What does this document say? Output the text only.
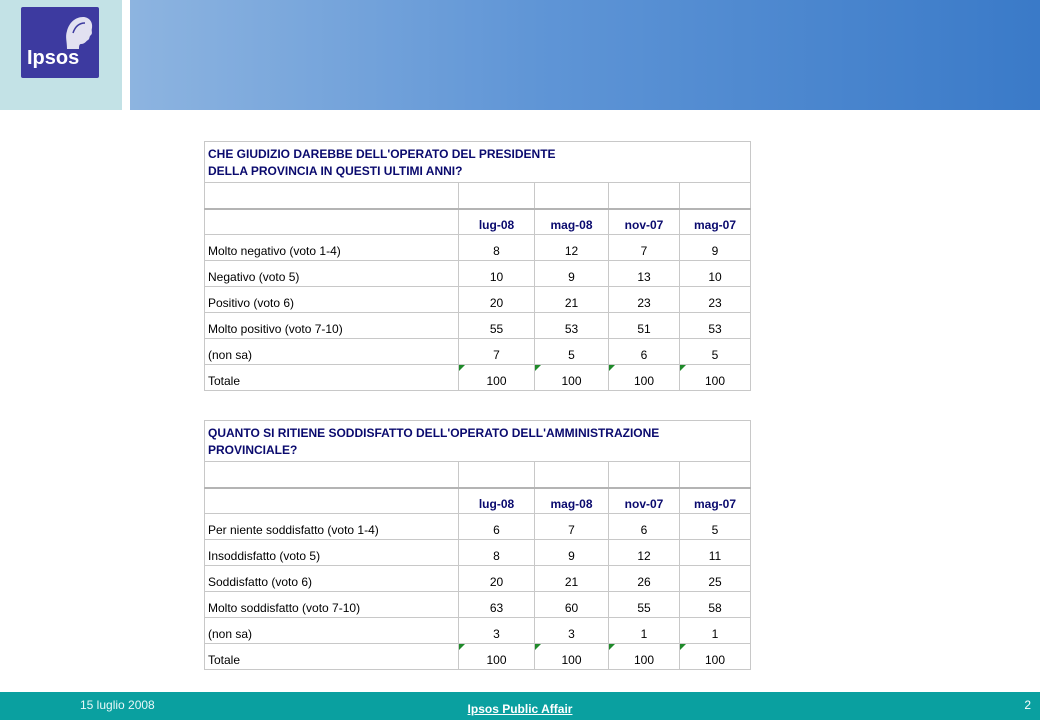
Ipsos
CHE GIUDIZIO DAREBBE DELL'OPERATO DEL PRESIDENTE
DELLA PROVINCIA IN QUESTI ULTIMI ANNI?				

	lug-08	mag-08	nov-07	mag-07
Molto negativo (voto 1-4)	8	12	7	9
Negativo (voto 5)	10	9	13	10
Positivo (voto 6)	20	21	23	23
Molto positivo (voto 7-10)	55	53	51	53
(non sa)	7	5	6	5
Totale	100	100	100	100
QUANTO SI RITIENE SODDISFATTO DELL'OPERATO DELL'AMMINISTRAZIONE
PROVINCIALE?				

	lug-08	mag-08	nov-07	mag-07
Per niente soddisfatto (voto 1-4)	6	7	6	5
Insoddisfatto (voto 5)	8	9	12	11
Soddisfatto (voto 6)	20	21	26	25
Molto soddisfatto (voto 7-10)	63	60	55	58
(non sa)	3	3	1	1
Totale	100	100	100	100
15 luglio 2008	Ipsos Public Affair	2
